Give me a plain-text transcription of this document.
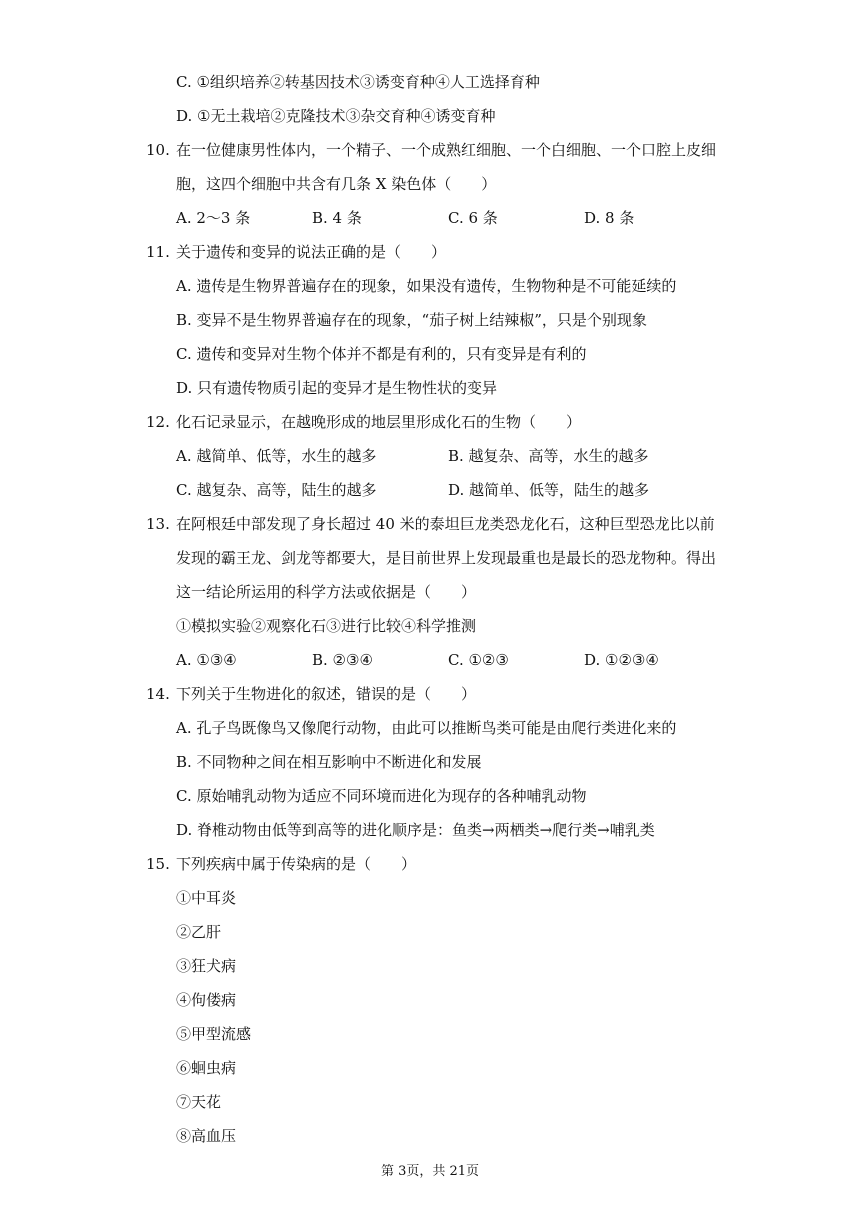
C. ①组织培养②转基因技术③诱变育种④人工选择育种
D. ①无土栽培②克隆技术③杂交育种④诱变育种
10. 在一位健康男性体内，一个精子、一个成熟红细胞、一个白细胞、一个口腔上皮细
胞，这四个细胞中共含有几条 X 染色体（　　）
A. 2～3 条	B. 4 条	C. 6 条	D. 8 条
11. 关于遗传和变异的说法正确的是（　　）
A. 遗传是生物界普遍存在的现象，如果没有遗传，生物物种是不可能延续的
B. 变异不是生物界普遍存在的现象，“茄子树上结辣椒”，只是个别现象
C. 遗传和变异对生物个体并不都是有利的，只有变异是有利的
D. 只有遗传物质引起的变异才是生物性状的变异
12. 化石记录显示，在越晚形成的地层里形成化石的生物（　　）
A. 越简单、低等，水生的越多	B. 越复杂、高等，水生的越多
C. 越复杂、高等，陆生的越多	D. 越简单、低等，陆生的越多
13. 在阿根廷中部发现了身长超过 40 米的泰坦巨龙类恐龙化石，这种巨型恐龙比以前
发现的霸王龙、剑龙等都要大，是目前世界上发现最重也是最长的恐龙物种。得出
这一结论所运用的科学方法或依据是（　　）
①模拟实验②观察化石③进行比较④科学推测
A. ①③④	B. ②③④	C. ①②③	D. ①②③④
14. 下列关于生物进化的叙述，错误的是（　　）
A. 孔子鸟既像鸟又像爬行动物，由此可以推断鸟类可能是由爬行类进化来的
B. 不同物种之间在相互影响中不断进化和发展
C. 原始哺乳动物为适应不同环境而进化为现存的各种哺乳动物
D. 脊椎动物由低等到高等的进化顺序是：鱼类→两栖类→爬行类→哺乳类
15. 下列疾病中属于传染病的是（　　）
①中耳炎
②乙肝
③狂犬病
④佝偻病
⑤甲型流感
⑥蛔虫病
⑦天花
⑧高血压
第 3页，共 21页
